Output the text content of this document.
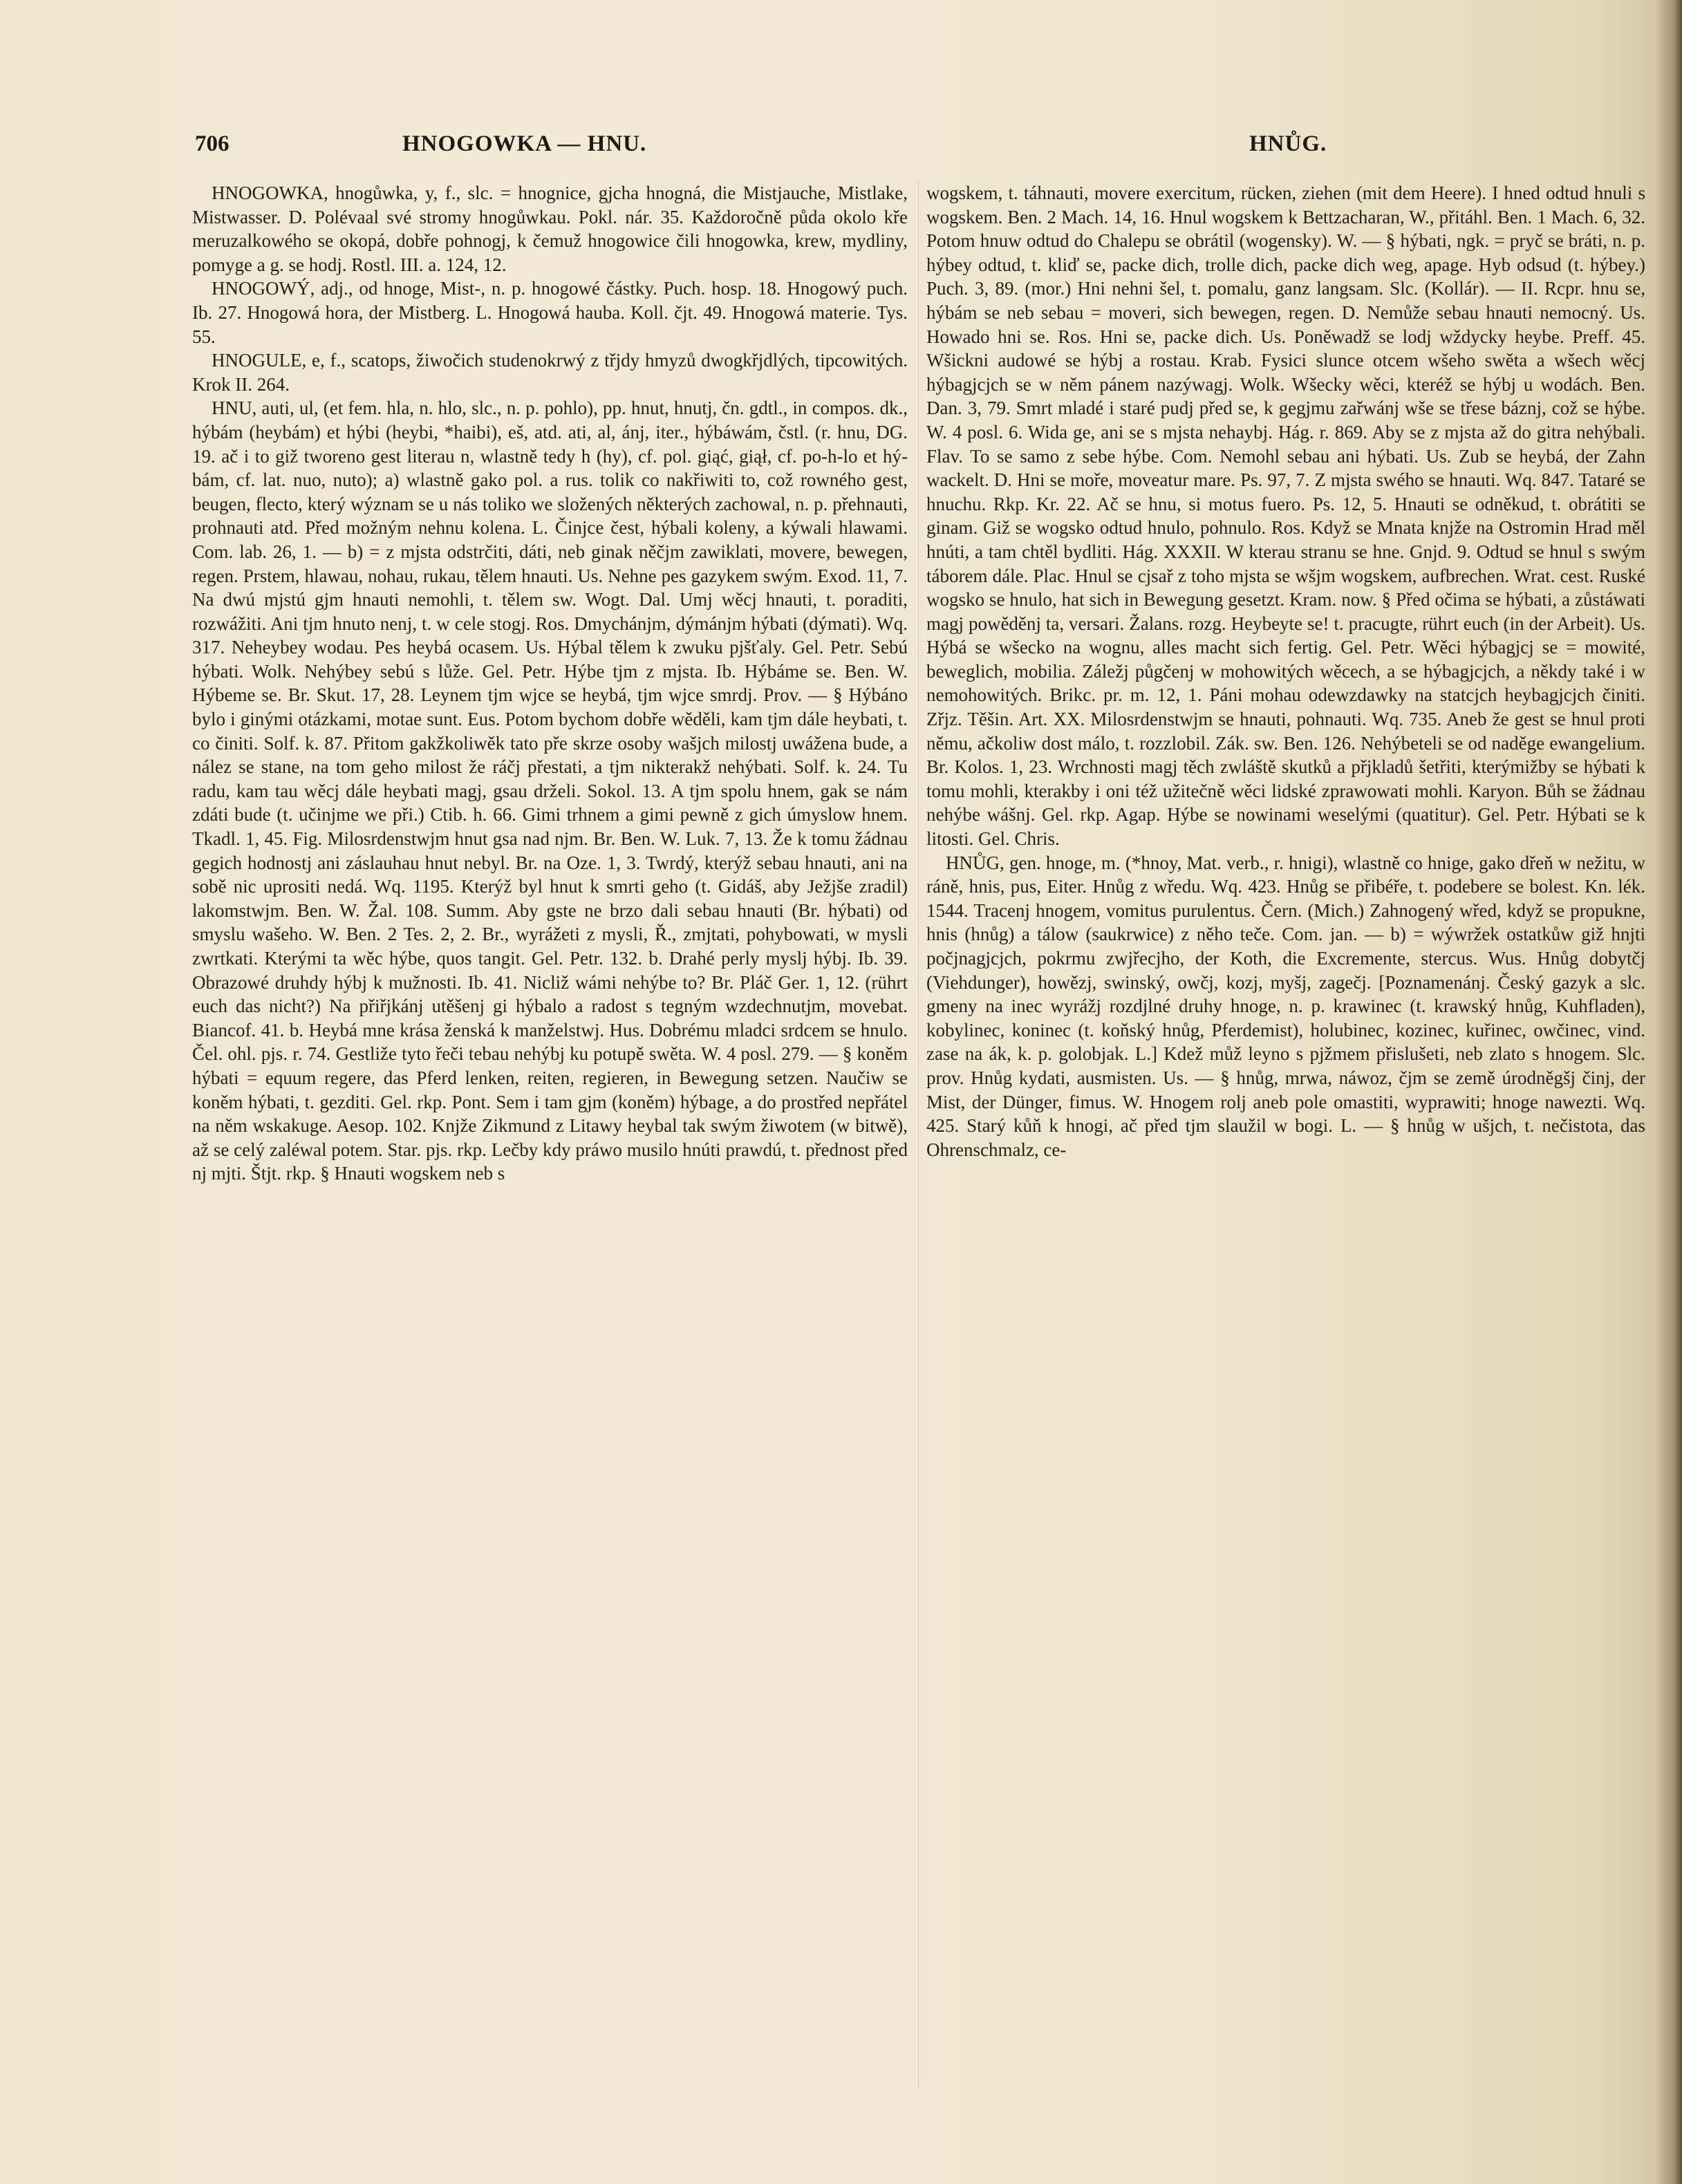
706	HNOGOWKA — HNU.	HNŮG.

HNOGOWKA, hnogůwka, y, f., slc. = hnognice, gjcha hnogná, die Mistjauche, Mistlake, Mistwasser. D. Polévaal své stromy hnogůwkau. Pokl. nár. 35. Každoročně půda okolo kře meruzalkowého se okopá, dobře pohnogj, k čemuž hnogowice čili hnogowka, krew, mydliny, pomyge a g. se hodj. Rostl. III. a. 124, 12.

HNOGOWÝ, adj., od hnoge, Mist-, n. p. hnogowé částky. Puch. hosp. 18. Hnogowý puch. Ib. 27. Hnogowá hora, der Mistberg. L. Hnogowá hauba. Koll. čjt. 49. Hnogowá materie. Tys. 55.

HNOGULE, e, f., scatops, žiwočich studenokrwý z třjdy hmyzů dwogkřjdlých, tipcowitých. Krok II. 264.

HNU, auti, ul, (et fem. hla, n. hlo, slc., n. p. pohlo), pp. hnut, hnutj, čn. gdtl., in compos. dk., hýbám (heybám) et hýbi (heybi, *haibi), eš, atd. ati, al, ánj, iter., hýbáwám, čstl. (r. hnu, DG. 19. ač i to giž tworeno gest literau n, wlastně tedy h (hy), cf. pol. giąć, giął, cf. po-h-lo et hý-bám, cf. lat. nuo, nuto); a) wlastně gako pol. a rus. tolik co nakřiwiti to, což rowného gest, beugen, flecto, který wýznam se u nás toliko we složených některých zachowal, n. p. přehnauti, prohnauti atd. Před možným nehnu kolena. L. Činjce čest, hýbali koleny, a kýwali hlawami. Com. lab. 26, 1. — b) = z mjsta odstrčiti, dáti, neb ginak něčjm zawiklati, movere, bewegen, regen. Prstem, hlawau, nohau, rukau, tělem hnauti. Us. Nehne pes gazykem swým. Exod. 11, 7. Na dwú mjstú gjm hnauti nemohli, t. tělem sw. Wogt. Dal. Umj wěcj hnauti, t. poraditi, rozwážiti. Ani tjm hnuto nenj, t. w cele stogj. Ros. Dmychánjm, dýmánjm hýbati (dýmati). Wq. 317. Neheybey wodau. Pes heybá ocasem. Us. Hýbal tělem k zwuku pjšťaly. Gel. Petr. Sebú hýbati. Wolk. Nehýbey sebú s lůže. Gel. Petr. Hýbe tjm z mjsta. Ib. Hýbáme se. Ben. W. Hýbeme se. Br. Skut. 17, 28. Leynem tjm wjce se heybá, tjm wjce smrdj. Prov. — § Hýbáno bylo i ginými otázkami, motae sunt. Eus. Potom bychom dobře wěděli, kam tjm dále heybati, t. co činiti. Solf. k. 87. Přitom gakžkoliwěk tato pře skrze osoby wašjch milostj uwážena bude, a nález se stane, na tom geho milost že ráčj přestati, a tjm nikterakž nehýbati. Solf. k. 24. Tu radu, kam tau wěcj dále heybati magj, gsau drželi. Sokol. 13. A tjm spolu hnem, gak se nám zdáti bude (t. učinjme we při.) Ctib. h. 66. Gimi trhnem a gimi pewně z gich úmyslow hnem. Tkadl. 1, 45. Fig. Milosrdenstwjm hnut gsa nad njm. Br. Ben. W. Luk. 7, 13. Že k tomu žádnau gegich hodnostj ani záslauhau hnut nebyl. Br. na Oze. 1, 3. Twrdý, kterýž sebau hnauti, ani na sobě nic uprositi nedá. Wq. 1195. Kterýž byl hnut k smrti geho (t. Gidáš, aby Ježjše zradil) lakomstwjm. Ben. W. Žal. 108. Summ. Aby gste ne brzo dali sebau hnauti (Br. hýbati) od smyslu wašeho. W. Ben. 2 Tes. 2, 2. Br., wyrážeti z mysli, Ř., zmjtati, pohybowati, w mysli zwrtkati. Kterými ta wěc hýbe, quos tangit. Gel. Petr. 132. b. Drahé perly myslj hýbj. Ib. 39. Obrazowé druhdy hýbj k mužnosti. Ib. 41. Nicliž wámi nehýbe to? Br. Pláč Ger. 1, 12. (rührt euch das nicht?) Na přiřjkánj utěšenj gi hýbalo a radost s tegným wzdechnutjm, movebat. Biancof. 41. b. Heybá mne krása ženská k manželstwj. Hus. Dobrému mladci srdcem se hnulo. Čel. ohl. pjs. r. 74. Gestliže tyto řeči tebau nehýbj ku potupě swěta. W. 4 posl. 279. — § koněm hýbati = equum regere, das Pferd lenken, reiten, regieren, in Bewegung setzen. Naučiw se koněm hýbati, t. gezditi. Gel. rkp. Pont. Sem i tam gjm (koněm) hýbage, a do prostřed nepřátel na něm wskakuge. Aesop. 102. Knjže Zikmund z Litawy heybal tak swým žiwotem (w bitwě), až se celý zaléwal potem. Star. pjs. rkp. Lečby kdy práwo musilo hnúti prawdú, t. přednost před nj mjti. Štjt. rkp. § Hnauti wogskem neb s

wogskem, t. táhnauti, movere exercitum, rücken, ziehen (mit dem Heere). I hned odtud hnuli s wogskem. Ben. 2 Mach. 14, 16. Hnul wogskem k Bettzacharan, W., přitáhl. Ben. 1 Mach. 6, 32. Potom hnuw odtud do Chalepu se obrátil (wogensky). W. — § hýbati, ngk. = pryč se bráti, n. p. hýbey odtud, t. kliď se, packe dich, trolle dich, packe dich weg, apage. Hyb odsud (t. hýbey.) Puch. 3, 89. (mor.) Hni nehni šel, t. pomalu, ganz langsam. Slc. (Kollár). — II. Rcpr. hnu se, hýbám se neb sebau = moveri, sich bewegen, regen. D. Nemůže sebau hnauti nemocný. Us. Howado hni se. Ros. Hni se, packe dich. Us. Poněwadž se lodj wždycky heybe. Preff. 45. Wšickni audowé se hýbj a rostau. Krab. Fysici slunce otcem wšeho swěta a wšech wěcj hýbagjcjch se w něm pánem nazýwagj. Wolk. Wšecky wěci, kteréž se hýbj u wodách. Ben. Dan. 3, 79. Smrt mladé i staré pudj před se, k gegjmu zařwánj wše se třese báznj, což se hýbe. W. 4 posl. 6. Wida ge, ani se s mjsta nehaybj. Hág. r. 869. Aby se z mjsta až do gitra nehýbali. Flav. To se samo z sebe hýbe. Com. Nemohl sebau ani hýbati. Us. Zub se heybá, der Zahn wackelt. D. Hni se moře, moveatur mare. Ps. 97, 7. Z mjsta swého se hnauti. Wq. 847. Tataré se hnuchu. Rkp. Kr. 22. Ač se hnu, si motus fuero. Ps. 12, 5. Hnauti se odněkud, t. obrátiti se ginam. Giž se wogsko odtud hnulo, pohnulo. Ros. Když se Mnata knjže na Ostromin Hrad měl hnúti, a tam chtěl bydliti. Hág. XXXII. W kterau stranu se hne. Gnjd. 9. Odtud se hnul s swým táborem dále. Plac. Hnul se cjsař z toho mjsta se wšjm wogskem, aufbrechen. Wrat. cest. Ruské wogsko se hnulo, hat sich in Bewegung gesetzt. Kram. now. § Před očima se hýbati, a zůstáwati magj powěděnj ta, versari. Žalans. rozg. Heybeyte se! t. pracugte, rührt euch (in der Arbeit). Us. Hýbá se wšecko na wognu, alles macht sich fertig. Gel. Petr. Wěci hýbagjcj se = mowité, beweglich, mobilia. Záležj půgčenj w mohowitých wěcech, a se hýbagjcjch, a někdy také i w nemohowitých. Brikc. pr. m. 12, 1. Páni mohau odewzdawky na statcjch heybagjcjch činiti. Zřjz. Těšin. Art. XX. Milosrdenstwjm se hnauti, pohnauti. Wq. 735. Aneb že gest se hnul proti němu, ačkoliw dost málo, t. rozzlobil. Zák. sw. Ben. 126. Nehýbeteli se od naděge ewangelium. Br. Kolos. 1, 23. Wrchnosti magj těch zwláště skutků a přjkladů šetřiti, kterýmižby se hýbati k tomu mohli, kterakby i oni též užitečně wěci lidské zprawowati mohli. Karyon. Bůh se žádnau nehýbe wášnj. Gel. rkp. Agap. Hýbe se nowinami weselými (quatitur). Gel. Petr. Hýbati se k litosti. Gel. Chris.

HNŮG, gen. hnoge, m. (*hnoy, Mat. verb., r. hnigi), wlastně co hnige, gako dřeň w nežitu, w ráně, hnis, pus, Eiter. Hnůg z wředu. Wq. 423. Hnůg se přibéře, t. podebere se bolest. Kn. lék. 1544. Tracenj hnogem, vomitus purulentus. Čern. (Mich.) Zahnogený wřed, když se propukne, hnis (hnůg) a tálow (saukrwice) z něho teče. Com. jan. — b) = wýwržek ostatkůw giž hnjti počjnagjcjch, pokrmu zwjřecjho, der Koth, die Excremente, stercus. Wus. Hnůg dobytčj (Viehdunger), howězj, swinský, owčj, kozj, myšj, zagečj. [Poznamenánj. Český gazyk a slc. gmeny na inec wyrážj rozdjlné druhy hnoge, n. p. krawinec (t. krawský hnůg, Kuhfladen), kobylinec, koninec (t. koňský hnůg, Pferdemist), holubinec, kozinec, kuřinec, owčinec, vind. zase na ák, k. p. golobjak. L.] Kdež můž leyno s pjžmem přislušeti, neb zlato s hnogem. Slc. prov. Hnůg kydati, ausmisten. Us. — § hnůg, mrwa, náwoz, čjm se země úrodněgšj činj, der Mist, der Dünger, fimus. W. Hnogem rolj aneb pole omastiti, wyprawiti; hnoge nawezti. Wq. 425. Starý kůň k hnogi, ač před tjm slaužil w bogi. L. — § hnůg w ušjch, t. nečistota, das Ohrenschmalz, ce-
